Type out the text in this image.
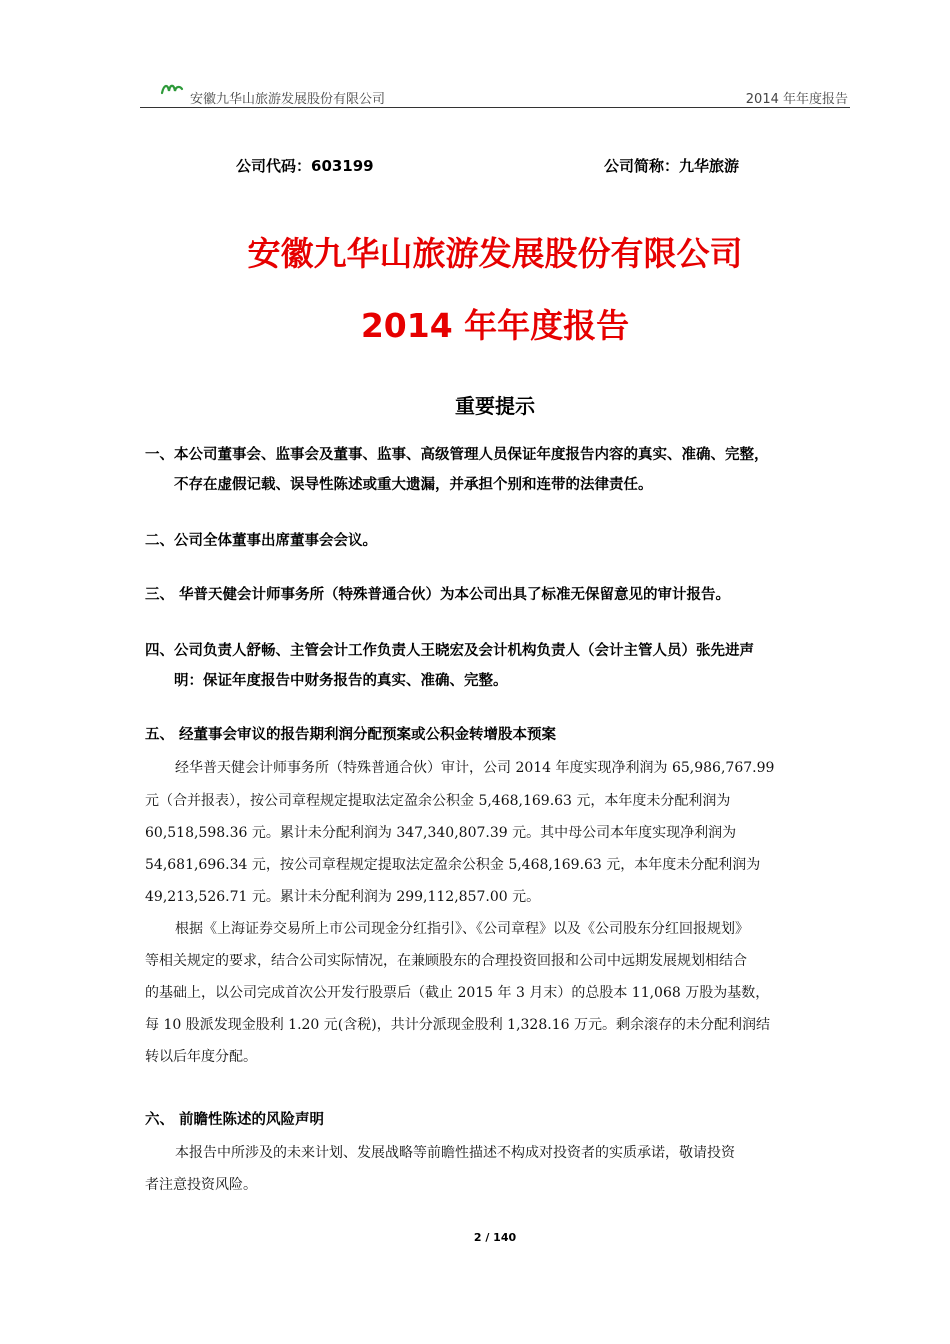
安徽九华山旅游发展股份有限公司	2014 年年度报告
公司代码：603199	公司简称：九华旅游
安徽九华山旅游发展股份有限公司
2014 年年度报告
重要提示
一、本公司董事会、监事会及董事、监事、高级管理人员保证年度报告内容的真实、准确、完整，
不存在虚假记载、误导性陈述或重大遗漏，并承担个别和连带的法律责任。
二、公司全体董事出席董事会会议。
三、 华普天健会计师事务所（特殊普通合伙）为本公司出具了标准无保留意见的审计报告。
四、公司负责人舒畅、主管会计工作负责人王晓宏及会计机构负责人（会计主管人员）张先进声
明：保证年度报告中财务报告的真实、准确、完整。
五、 经董事会审议的报告期利润分配预案或公积金转增股本预案
经华普天健会计师事务所（特殊普通合伙）审计，公司 2014 年度实现净利润为 65,986,767.99
元（合并报表），按公司章程规定提取法定盈余公积金 5,468,169.63 元，本年度未分配利润为
60,518,598.36 元。累计未分配利润为 347,340,807.39 元。其中母公司本年度实现净利润为
54,681,696.34 元，按公司章程规定提取法定盈余公积金 5,468,169.63 元，本年度未分配利润为
49,213,526.71 元。累计未分配利润为 299,112,857.00 元。
根据《上海证券交易所上市公司现金分红指引》、《公司章程》以及《公司股东分红回报规划》
等相关规定的要求，结合公司实际情况，在兼顾股东的合理投资回报和公司中远期发展规划相结合
的基础上，以公司完成首次公开发行股票后（截止 2015 年 3 月末）的总股本 11,068 万股为基数，
每 10 股派发现金股利 1.20 元(含税)，共计分派现金股利 1,328.16 万元。剩余滚存的未分配利润结
转以后年度分配。
六、 前瞻性陈述的风险声明
本报告中所涉及的未来计划、发展战略等前瞻性描述不构成对投资者的实质承诺，敬请投资
者注意投资风险。
2 / 140
